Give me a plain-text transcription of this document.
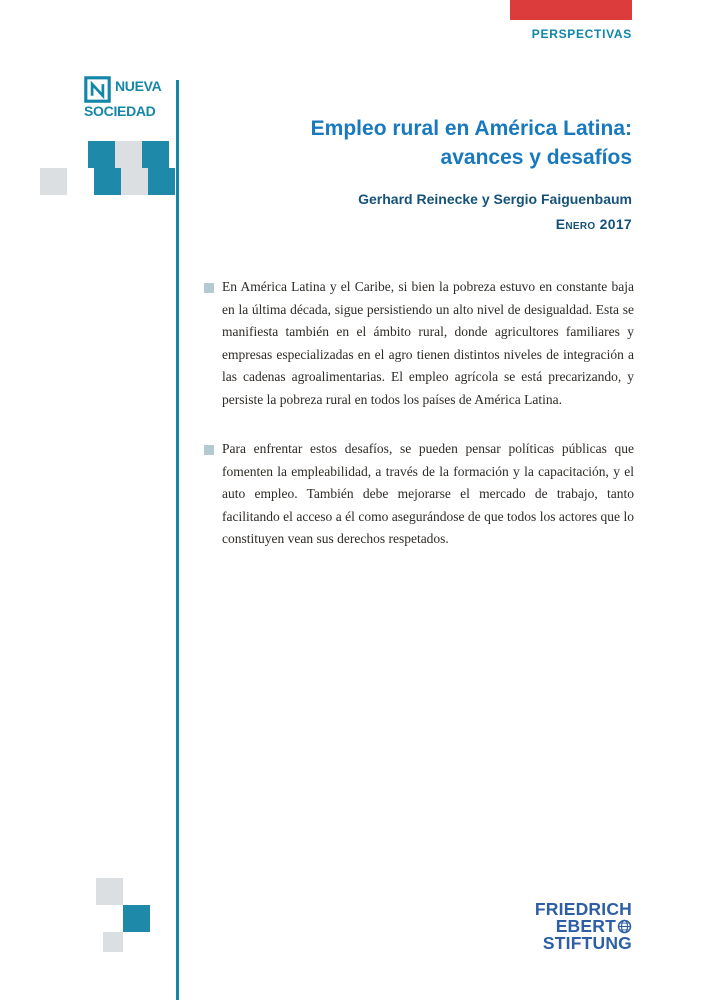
PERSPECTIVAS
NUEVA
SOCIEDAD
Empleo rural en América Latina:
avances y desafíos
Gerhard Reinecke y Sergio Faiguenbaum
Enero 2017
En América Latina y el Caribe, si bien la pobreza estuvo en constante baja en la última década, sigue persistiendo un alto nivel de desigualdad. Esta se manifiesta también en el ámbito rural, donde agricultores familiares y empresas especializadas en el agro tienen distintos niveles de integración a las cadenas agroalimentarias. El empleo agrícola se está precarizando, y persiste la pobreza rural en todos los países de América Latina.
Para enfrentar estos desafíos, se pueden pensar políticas públicas que fomenten la empleabilidad, a través de la formación y la capacitación, y el auto empleo. También debe mejorarse el mercado de trabajo, tanto facilitando el acceso a él como asegurándose de que todos los actores que lo constituyen vean sus derechos respetados.
FRIEDRICH
EBERT
STIFTUNG
